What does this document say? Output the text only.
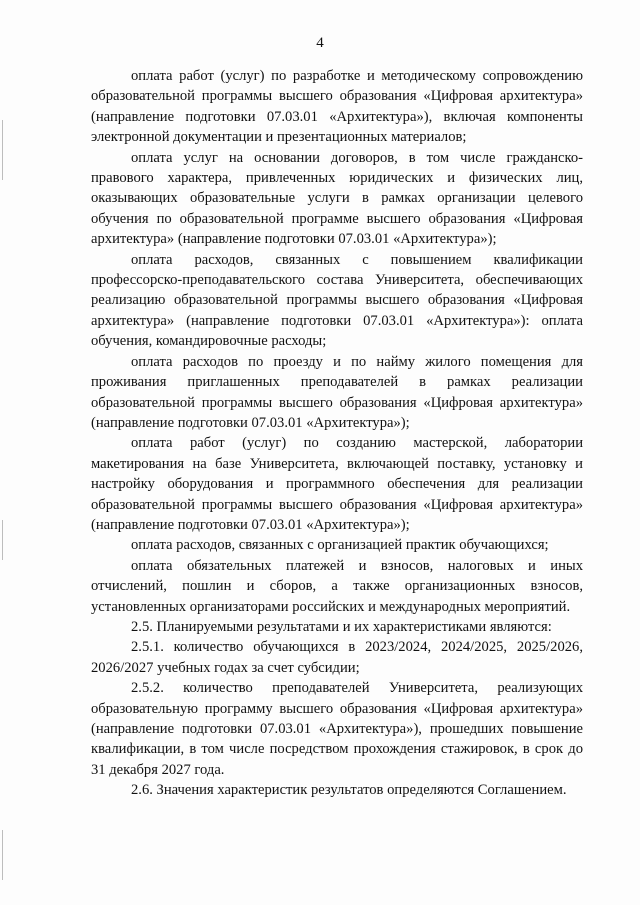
4

оплата работ (услуг) по разработке и методическому сопровождению образовательной программы высшего образования «Цифровая архитектура» (направление подготовки 07.03.01 «Архитектура»), включая компоненты электронной документации и презентационных материалов;

оплата услуг на основании договоров, в том числе гражданско-правового характера, привлеченных юридических и физических лиц, оказывающих образовательные услуги в рамках организации целевого обучения по образовательной программе высшего образования «Цифровая архитектура» (направление подготовки 07.03.01 «Архитектура»);

оплата расходов, связанных с повышением квалификации профессорско-преподавательского состава Университета, обеспечивающих реализацию образовательной программы высшего образования «Цифровая архитектура» (направление подготовки 07.03.01 «Архитектура»): оплата обучения, командировочные расходы;

оплата расходов по проезду и по найму жилого помещения для проживания приглашенных преподавателей в рамках реализации образовательной программы высшего образования «Цифровая архитектура» (направление подготовки 07.03.01 «Архитектура»);

оплата работ (услуг) по созданию мастерской, лаборатории макетирования на базе Университета, включающей поставку, установку и настройку оборудования и программного обеспечения для реализации образовательной программы высшего образования «Цифровая архитектура» (направление подготовки 07.03.01 «Архитектура»);

оплата расходов, связанных с организацией практик обучающихся;

оплата обязательных платежей и взносов, налоговых и иных отчислений, пошлин и сборов, а также организационных взносов, установленных организаторами российских и международных мероприятий.

2.5. Планируемыми результатами и их характеристиками являются:

2.5.1. количество обучающихся в 2023/2024, 2024/2025, 2025/2026, 2026/2027 учебных годах за счет субсидии;

2.5.2. количество преподавателей Университета, реализующих образовательную программу высшего образования «Цифровая архитектура» (направление подготовки 07.03.01 «Архитектура»), прошедших повышение квалификации, в том числе посредством прохождения стажировок, в срок до 31 декабря 2027 года.

2.6. Значения характеристик результатов определяются Соглашением.
